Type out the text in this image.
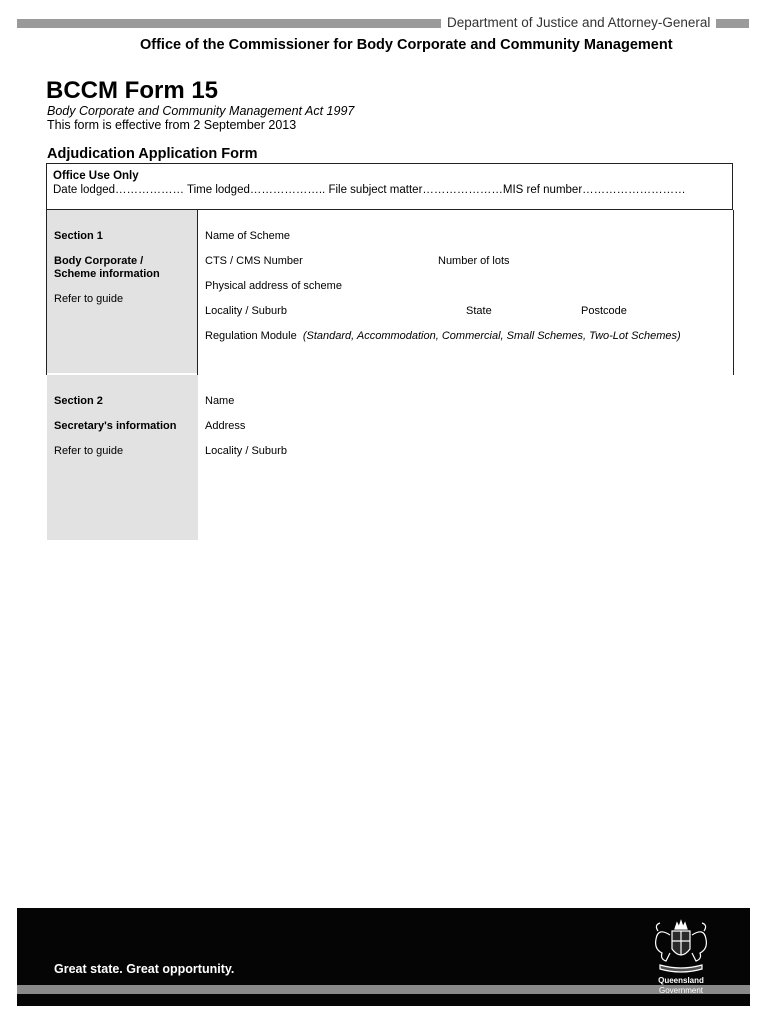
Department of Justice and Attorney-General
Office of the Commissioner for Body Corporate and Community Management
BCCM Form 15
Body Corporate and Community Management Act 1997
This form is effective from 2 September 2013
Adjudication Application Form
Office Use Only
Date lodged……………… Time lodged……………….. File subject matter…………………MIS ref number………………………
Section 1
Body Corporate /
Scheme information
Refer to guide
Name of Scheme
CTS / CMS Number	Number of lots
Physical address of scheme
Locality / Suburb	State	Postcode
Regulation Module (Standard, Accommodation, Commercial, Small Schemes, Two-Lot Schemes)
Section 2
Secretary's information
Refer to guide
Name
Address
Locality / Suburb
Great state. Great opportunity.
Queensland
Government
